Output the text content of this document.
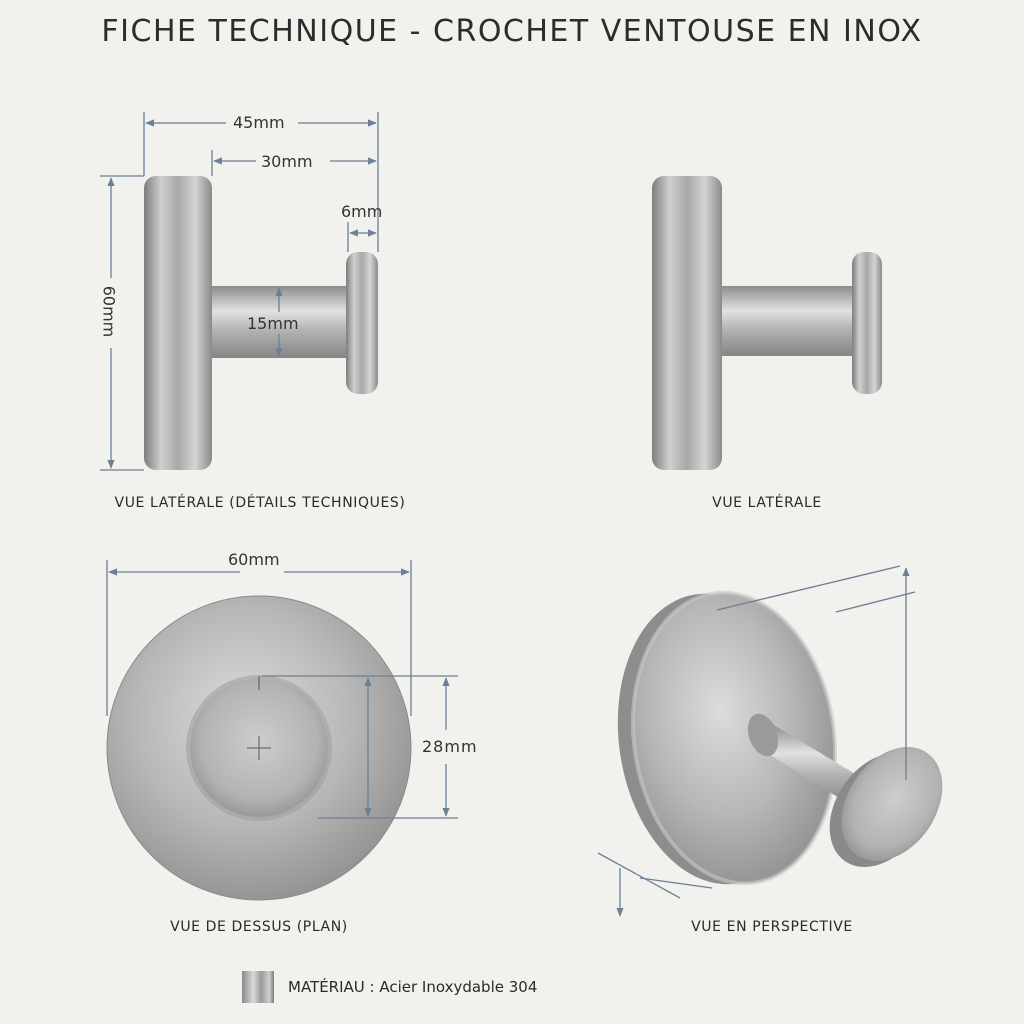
FICHE TECHNIQUE - CROCHET VENTOUSE EN INOX
45mm
30mm
6mm
60mm	15mm
60mm
28mm
VUE LATÉRALE (DÉTAILS TECHNIQUES)	VUE LATÉRALE
VUE DE DESSUS (PLAN)	VUE EN PERSPECTIVE
MATÉRIAU : Acier Inoxydable 304
